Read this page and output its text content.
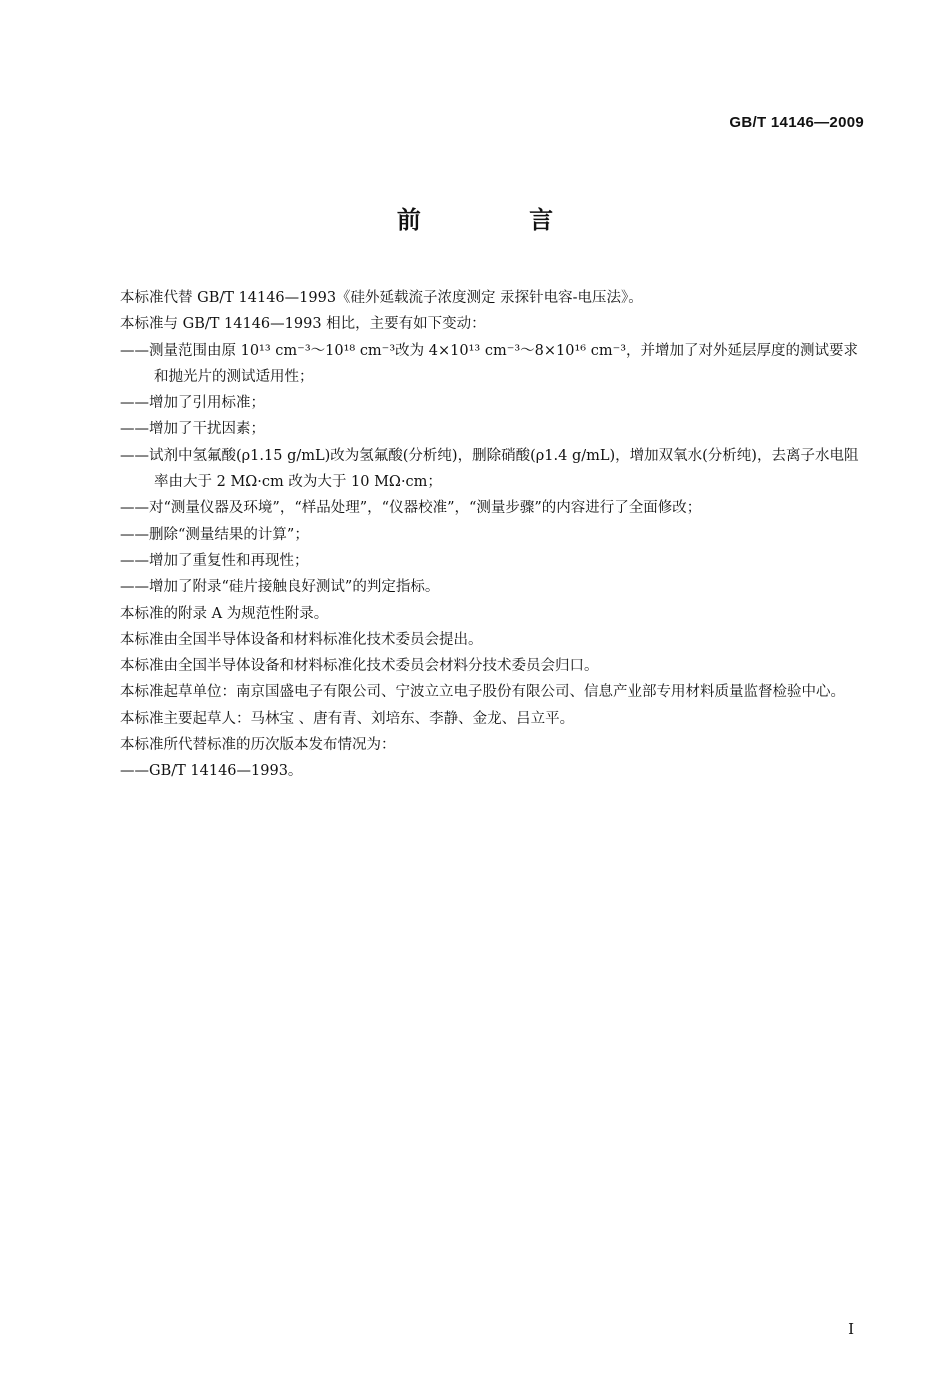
GB/T 14146—2009
前 言

本标准代替 GB/T 14146—1993《硅外延载流子浓度测定 汞探针电容-电压法》。

本标准与 GB/T 14146—1993 相比，主要有如下变动：

——测量范围由原 10¹³ cm⁻³～10¹⁸ cm⁻³改为 4×10¹³ cm⁻³～8×10¹⁶ cm⁻³，并增加了对外延层厚度的测试要求和抛光片的测试适用性；

——增加了引用标准；

——增加了干扰因素；

——试剂中氢氟酸(ρ1.15 g/mL)改为氢氟酸(分析纯)，删除硝酸(ρ1.4 g/mL)，增加双氧水(分析纯)，去离子水电阻率由大于 2 MΩ·cm 改为大于 10 MΩ·cm；

——对“测量仪器及环境”，“样品处理”，“仪器校准”，“测量步骤”的内容进行了全面修改；

——删除“测量结果的计算”；

——增加了重复性和再现性；

——增加了附录“硅片接触良好测试”的判定指标。

本标准的附录 A 为规范性附录。

本标准由全国半导体设备和材料标准化技术委员会提出。

本标准由全国半导体设备和材料标准化技术委员会材料分技术委员会归口。

本标准起草单位：南京国盛电子有限公司、宁波立立电子股份有限公司、信息产业部专用材料质量监督检验中心。

本标准主要起草人：马林宝 、唐有青、刘培东、李静、金龙、吕立平。

本标准所代替标准的历次版本发布情况为：

——GB/T 14146—1993。

I
